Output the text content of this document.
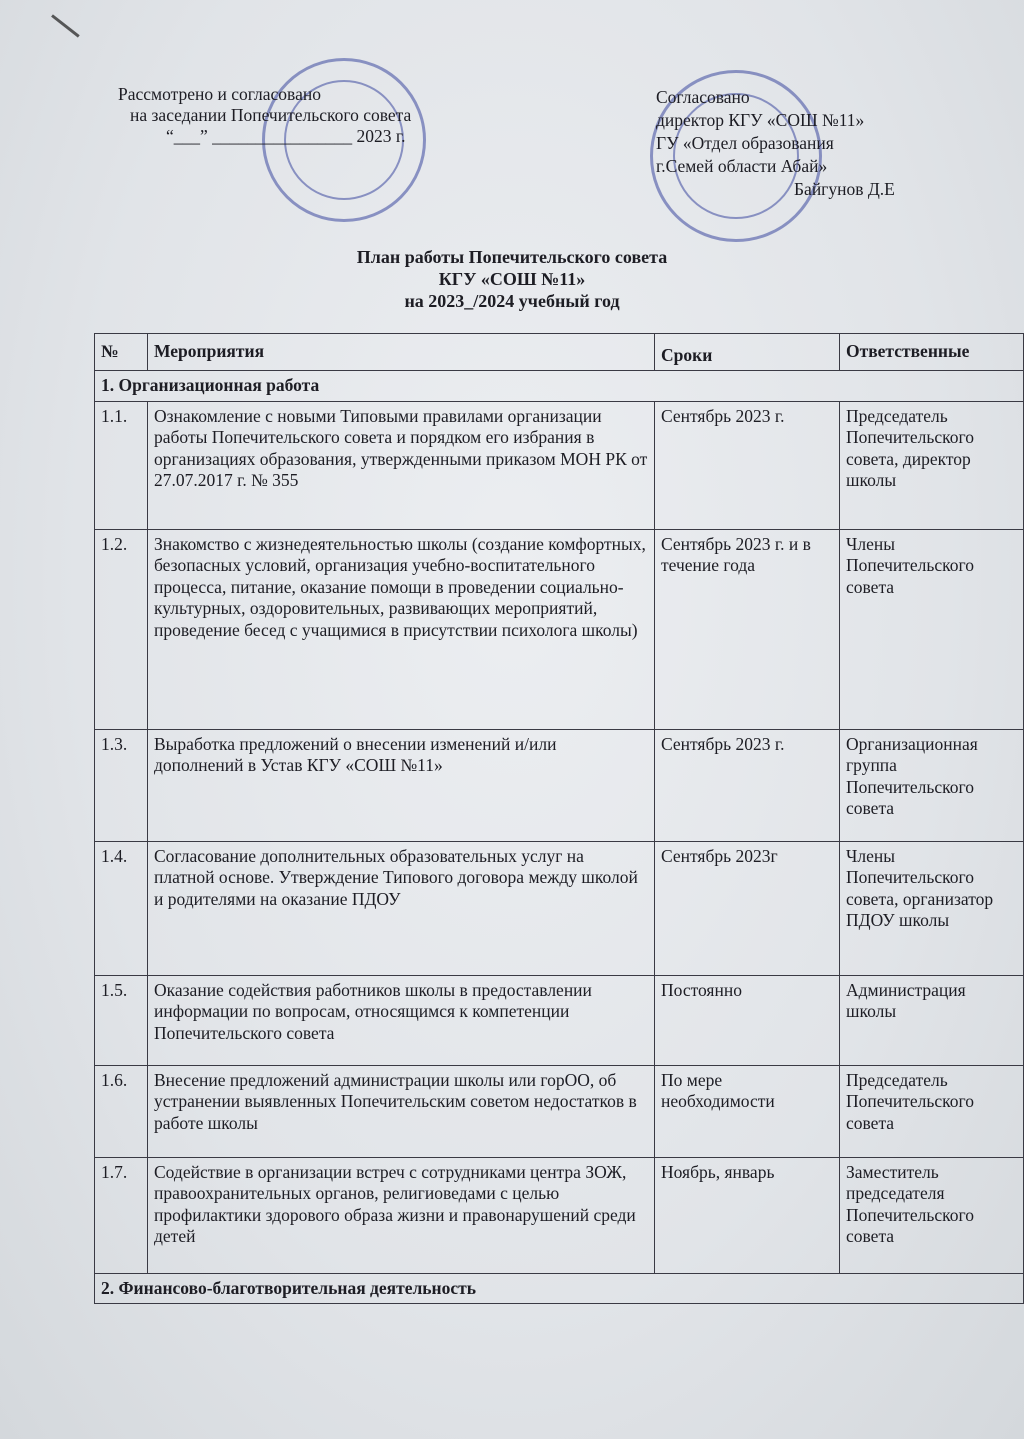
Рассмотрено и согласовано
на заседании Попечительского совета
“___” ________________ 2023 г.
Согласовано
директор КГУ «СОШ №11»
ГУ «Отдел образования
г.Семей области Абай»
Байгунов Д.Е
План работы Попечительского совета
КГУ «СОШ №11»
на 2023_/2024 учебный год
№	Мероприятия	Сроки	Ответственные
1. Организационная работа			
1.1.	Ознакомление с новыми Типовыми правилами организации работы Попечительского совета и порядком его избрания в организациях образования, утвержденными приказом МОН РК от 27.07.2017 г. № 355	Сентябрь 2023 г.	Председатель Попечительского совета, директор школы
1.2.	Знакомство с жизнедеятельностью школы (создание комфортных, безопасных условий, организация учебно-воспитательного процесса, питание, оказание помощи в проведении социально-культурных, оздоровительных, развивающих мероприятий, проведение бесед с учащимися в присутствии психолога школы)	Сентябрь 2023 г. и в течение года	Члены Попечительского совета
1.3.	Выработка предложений о внесении изменений и/или дополнений в Устав КГУ «СОШ №11»	Сентябрь 2023 г.	Организационная группа Попечительского совета
1.4.	Согласование дополнительных образовательных услуг на платной основе. Утверждение Типового договора между школой и родителями на оказание ПДОУ	Сентябрь 2023г	Члены Попечительского совета, организатор ПДОУ школы
1.5.	Оказание содействия работников школы в предоставлении информации по вопросам, относящимся к компетенции Попечительского совета	Постоянно	Администрация школы
1.6.	Внесение предложений администрации школы или горОО, об устранении выявленных Попечительским советом недостатков в работе школы	По мере необходимости	Председатель Попечительского совета
1.7.	Содействие в организации встреч с сотрудниками центра ЗОЖ, правоохранительных органов, религиоведами с целью профилактики здорового образа жизни и правонарушений среди детей	Ноябрь, январь	Заместитель председателя Попечительского совета
2. Финансово-благотворительная деятельность			
